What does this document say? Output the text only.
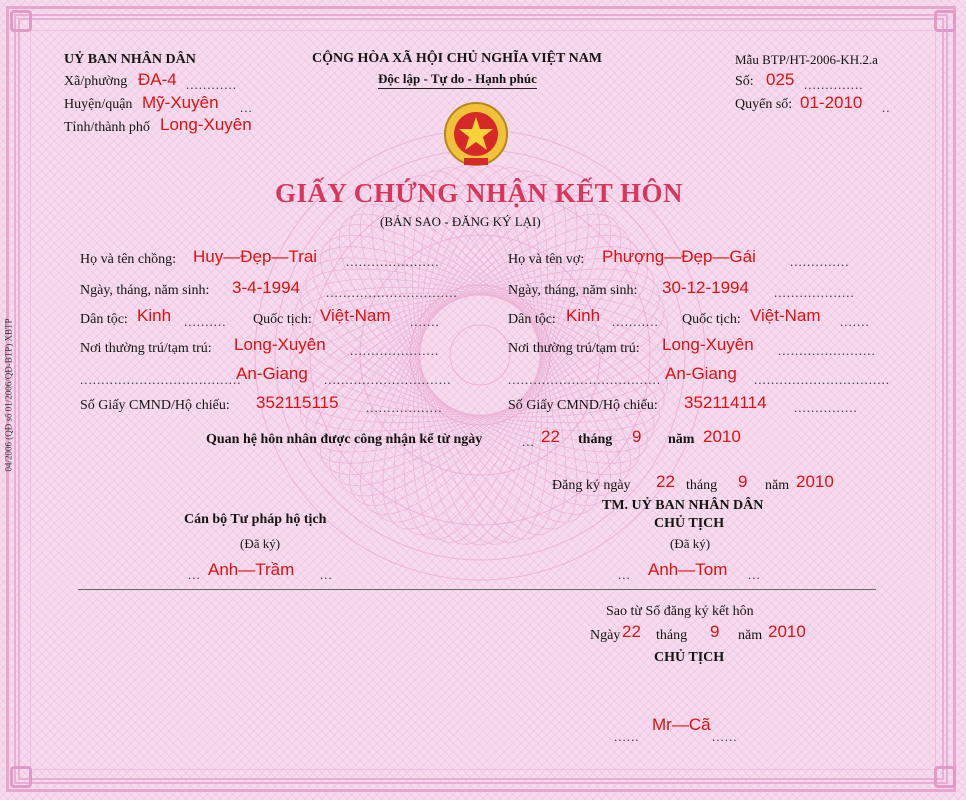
04/2006 (QĐ số 01/2006/QĐ-BTP) XBTP
UỶ BAN NHÂN DÂN
Xã/phường ĐA-4 ............
Huyện/quận Mỹ-Xuyên ...
Tỉnh/thành phố Long-Xuyên
CỘNG HÒA XÃ HỘI CHỦ NGHĨA VIỆT NAM
Độc lập - Tự do - Hạnh phúc
Mẫu BTP/HT-2006-KH.2.a
Số: 025 ..............
Quyển số: 01-2010 ..
GIẤY CHỨNG NHẬN KẾT HÔN
(BẢN SAO - ĐĂNG KÝ LẠI)
Họ và tên chồng: Huy—Đẹp—Trai ......................
Ngày, tháng, năm sinh: 3-4-1994 ...............................
Dân tộc: Kinh .......... Quốc tịch: Việt-Nam .......
Nơi thường trú/tạm trú: Long-Xuyên .....................
......................................
An-Giang ..............................
Số Giấy CMND/Hộ chiếu: 352115115 ..................
Họ và tên vợ: Phượng—Đẹp—Gái	..............
Ngày, tháng, năm sinh: 30-12-1994 ...................
Dân tộc: Kinh ........... Quốc tịch: Việt-Nam .......
Nơi thường trú/tạm trú: Long-Xuyên .......................
.................................... An-Giang ................................
Số Giấy CMND/Hộ chiếu: 352114114 ...............
Quan hệ hôn nhân được công nhận kể từ ngày	... 22 tháng 9 năm 2010
Đăng ký ngày 22 tháng 9 năm 2010
Cán bộ Tư pháp hộ tịch
(Đã ký)
... Anh—Trầm ...
TM. UỶ BAN NHÂN DÂN
CHỦ TỊCH
(Đã ký)
... Anh—Tom ...
Sao từ Sổ đăng ký kết hôn
Ngày 22 tháng 9 năm 2010
CHỦ TỊCH
......
Mr—Cã
......
